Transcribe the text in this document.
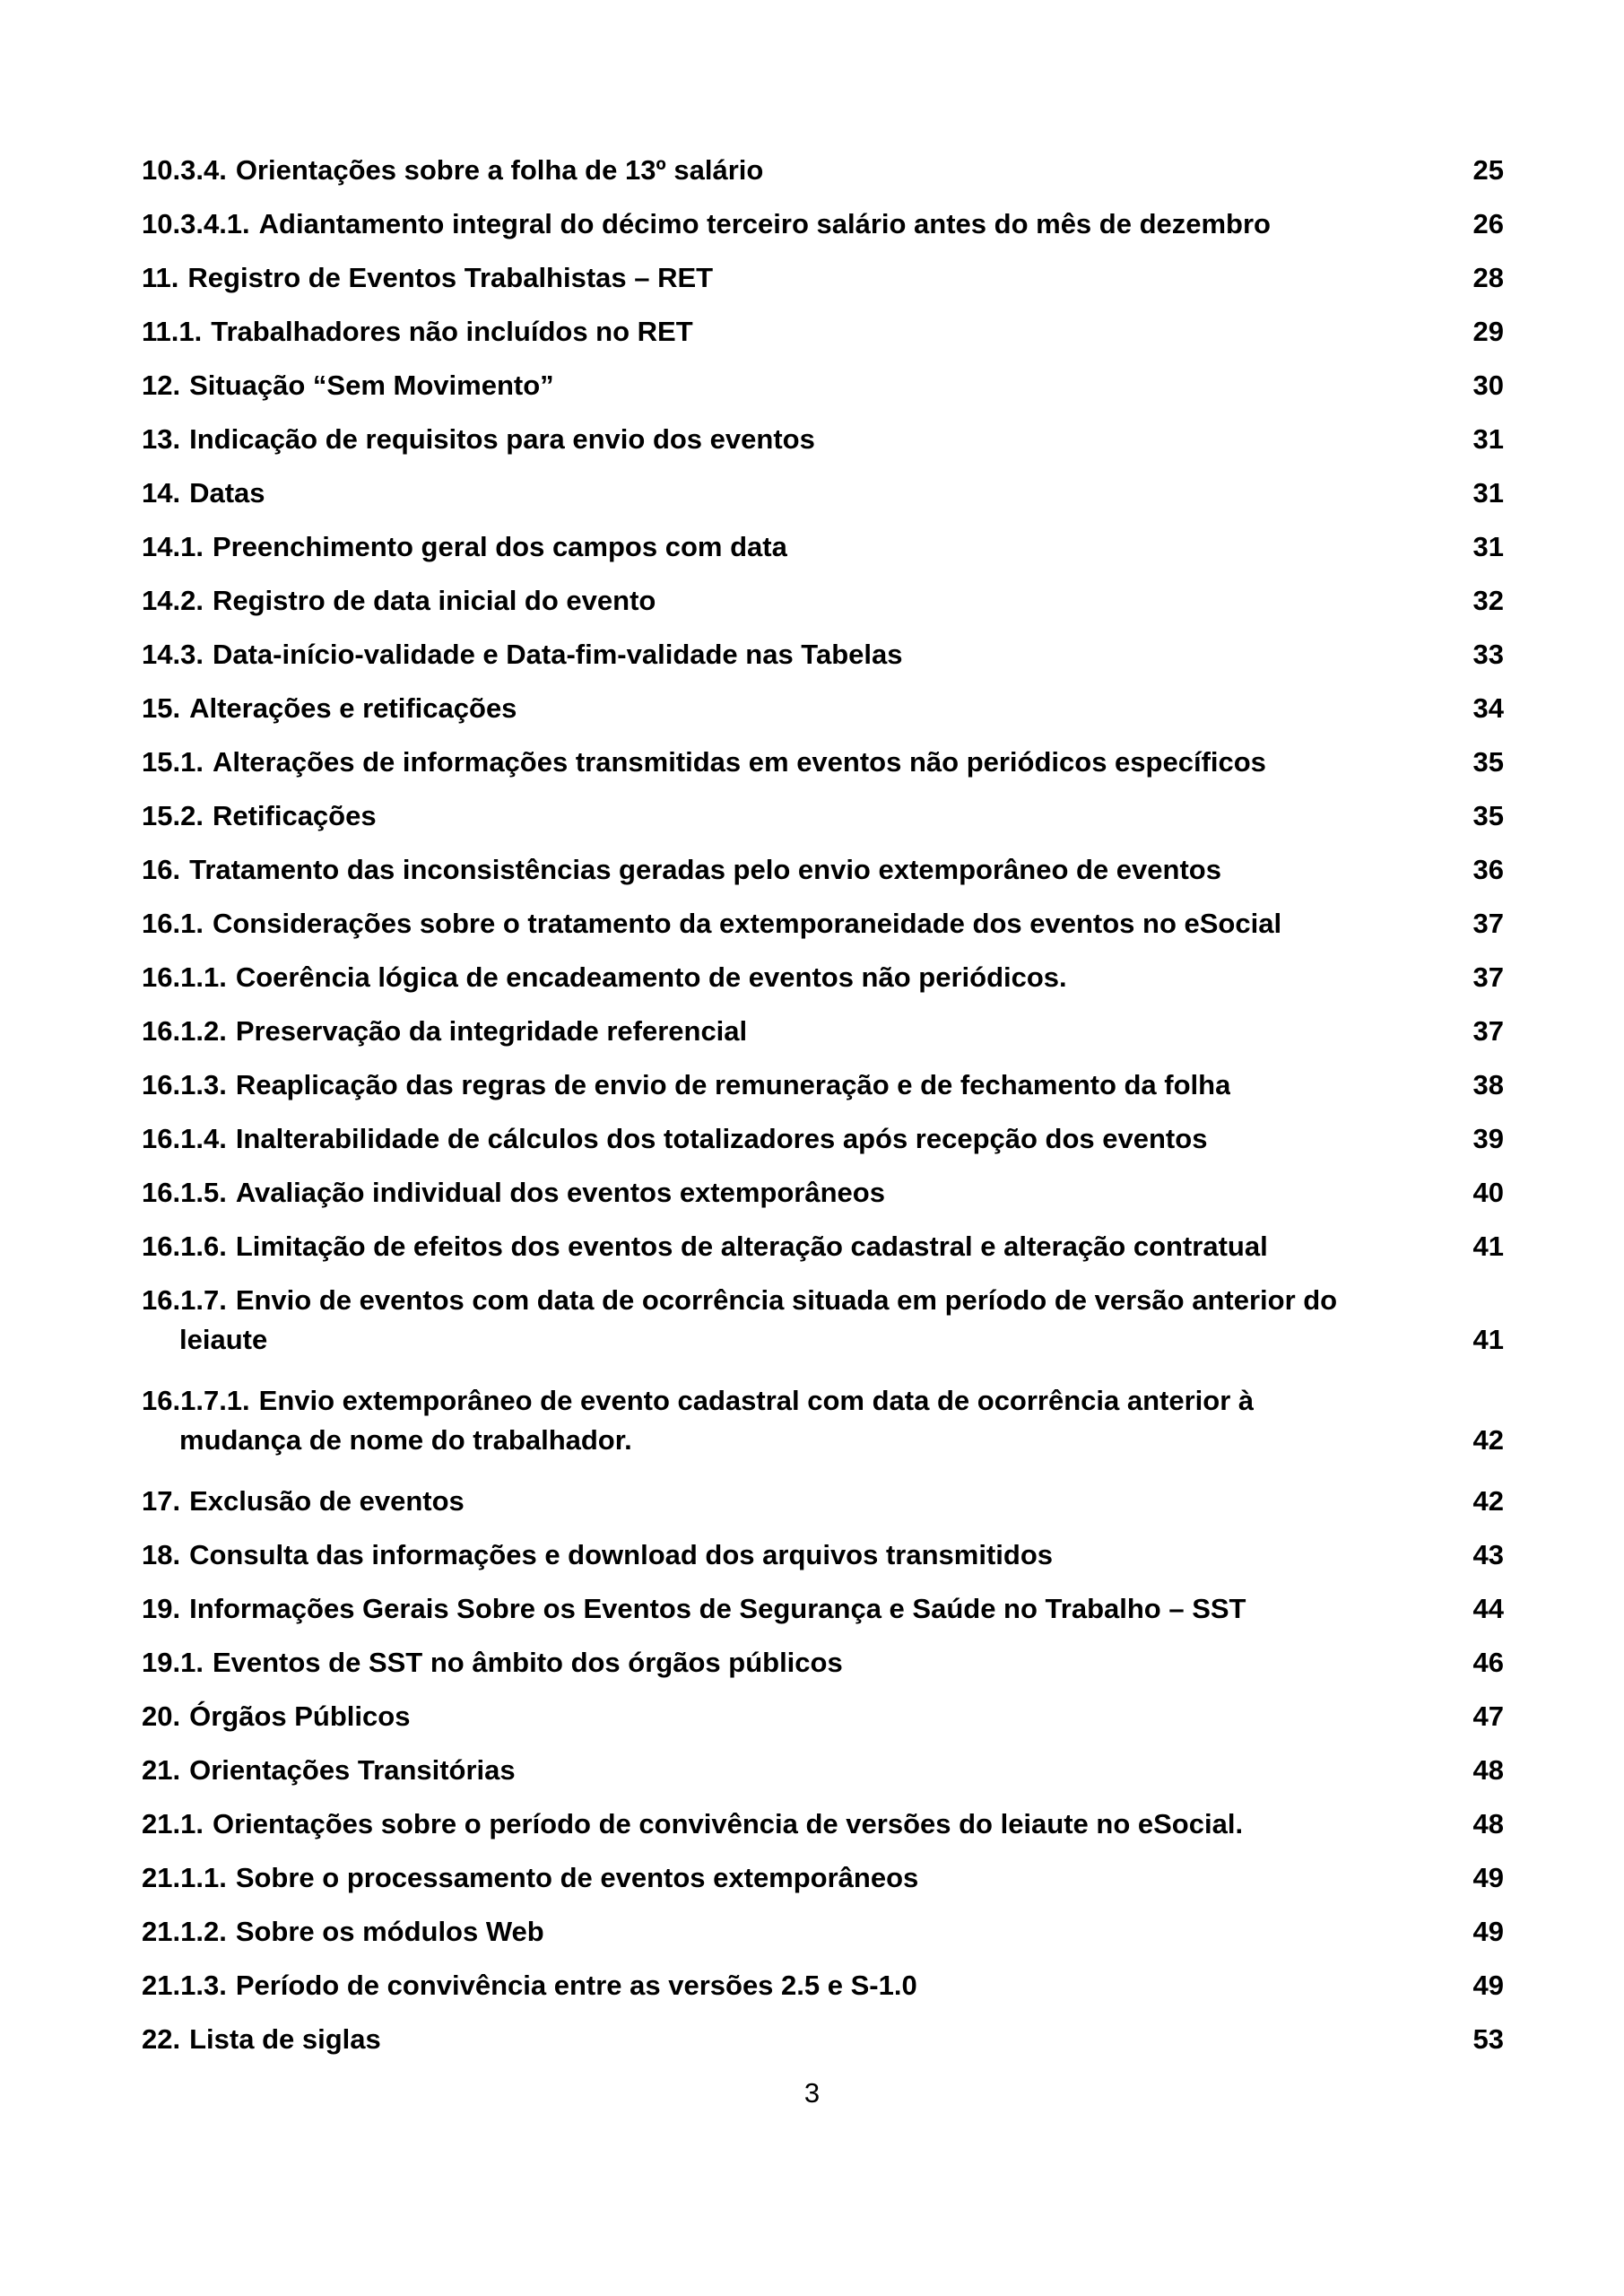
10.3.4. Orientações sobre a folha de 13º salário .....	25
10.3.4.1. Adiantamento integral do décimo terceiro salário antes do mês de dezembro .....	26
11. Registro de Eventos Trabalhistas – RET .....	28
11.1. Trabalhadores não incluídos no RET .....	29
12. Situação “Sem Movimento” .....	30
13. Indicação de requisitos para envio dos eventos .....	31
14. Datas .....	31
14.1. Preenchimento geral dos campos com data .....	31
14.2. Registro de data inicial do evento .....	32
14.3. Data-início-validade e Data-fim-validade nas Tabelas .....	33
15. Alterações e retificações .....	34
15.1. Alterações de informações transmitidas em eventos não periódicos específicos .....	35
15.2. Retificações .....	35
16. Tratamento das inconsistências geradas pelo envio extemporâneo de eventos .....	36
16.1. Considerações sobre o tratamento da extemporaneidade dos eventos no eSocial .....	37
16.1.1. Coerência lógica de encadeamento de eventos não periódicos. .....	37
16.1.2. Preservação da integridade referencial .....	37
16.1.3. Reaplicação das regras de envio de remuneração e de fechamento da folha .....	38
16.1.4. Inalterabilidade de cálculos dos totalizadores após recepção dos eventos .....	39
16.1.5. Avaliação individual dos eventos extemporâneos .....	40
16.1.6. Limitação de efeitos dos eventos de alteração cadastral e alteração contratual .....	41
16.1.7. Envio de eventos com data de ocorrência situada em período de versão anterior do
leiaute .....	41
16.1.7.1. Envio extemporâneo de evento cadastral com data de ocorrência anterior à
mudança de nome do trabalhador. .....	42
17. Exclusão de eventos .....	42
18. Consulta das informações e download dos arquivos transmitidos .....	43
19. Informações Gerais Sobre os Eventos de Segurança e Saúde no Trabalho – SST .....	44
19.1. Eventos de SST no âmbito dos órgãos públicos .....	46
20. Órgãos Públicos .....	47
21. Orientações Transitórias .....	48
21.1. Orientações sobre o período de convivência de versões do leiaute no eSocial. .....	48
21.1.1. Sobre o processamento de eventos extemporâneos .....	49
21.1.2. Sobre os módulos Web .....	49
21.1.3. Período de convivência entre as versões 2.5 e S-1.0 .....	49
22. Lista de siglas .....	53
3
